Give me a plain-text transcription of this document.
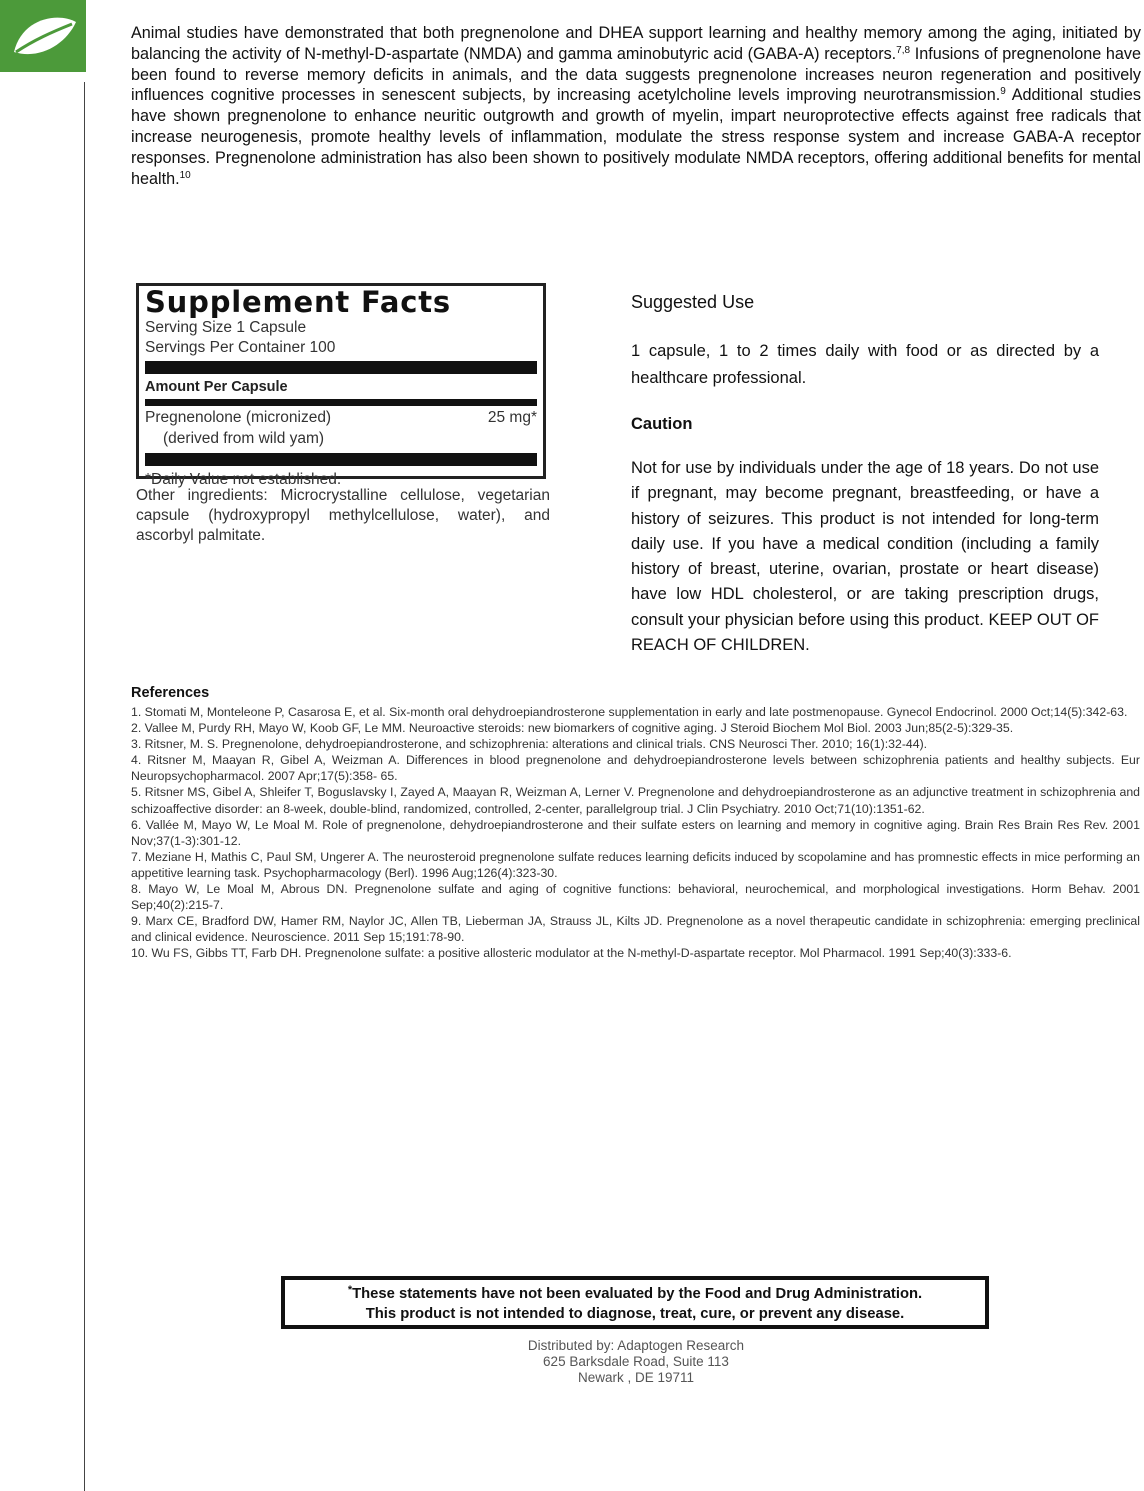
Animal studies have demonstrated that both pregnenolone and DHEA support learning and healthy memory among the aging, initiated by balancing the activity of N-methyl-D-aspartate (NMDA) and gamma aminobutyric acid (GABA-A) receptors.$^{7,8}$ Infusions of pregnenolone have been found to reverse memory deficits in animals, and the data suggests pregnenolone increases neuron regeneration and positively influences cognitive processes in senescent subjects, by increasing acetylcholine levels improving neurotransmission.$^9$ Additional studies have shown pregnenolone to enhance neuritic outgrowth and growth of myelin, impart neuroprotective effects against free radicals that increase neurogenesis, promote healthy levels of inflammation, modulate the stress response system and increase GABA-A receptor responses. Pregnenolone administration has also been shown to positively modulate NMDA receptors, offering additional benefits for mental health.$^{10}$

Supplement Facts
Serving Size 1 Capsule
Servings Per Container 100
Amount Per Capsule
Pregnenolone (micronized)	25 mg*
(derived from wild yam)
*Daily Value not established.

Other ingredients: Microcrystalline cellulose, vegetarian capsule (hydroxypropyl methylcellulose, water), and ascorbyl palmitate.

Suggested Use

1 capsule, 1 to 2 times daily with food or as directed by a healthcare professional.

Caution

Not for use by individuals under the age of 18 years. Do not use if pregnant, may become pregnant, breastfeeding, or have a history of seizures. This product is not intended for long-term daily use. If you have a medical condition (including a family history of breast, uterine, ovarian, prostate or heart disease) have low HDL cholesterol, or are taking prescription drugs, consult your physician before using this product. KEEP OUT OF REACH OF CHILDREN.

References
1. Stomati M, Monteleone P, Casarosa E, et al. Six-month oral dehydroepiandrosterone supplementation in early and late postmenopause. Gynecol Endocrinol. 2000 Oct;14(5):342-63.
2. Vallee M, Purdy RH, Mayo W, Koob GF, Le MM. Neuroactive steroids: new biomarkers of cognitive aging. J Steroid Biochem Mol Biol. 2003 Jun;85(2-5):329-35.
3. Ritsner, M. S. Pregnenolone, dehydroepiandrosterone, and schizophrenia: alterations and clinical trials. CNS Neurosci Ther. 2010; 16(1):32-44).
4. Ritsner M, Maayan R, Gibel A, Weizman A. Differences in blood pregnenolone and dehydroepiandrosterone levels between schizophrenia patients and healthy subjects. Eur Neuropsychopharmacol. 2007 Apr;17(5):358- 65.
5. Ritsner MS, Gibel A, Shleifer T, Boguslavsky I, Zayed A, Maayan R, Weizman A, Lerner V. Pregnenolone and dehydroepiandrosterone as an adjunctive treatment in schizophrenia and schizoaffective disorder: an 8-week, double-blind, randomized, controlled, 2-center, parallelgroup trial. J Clin Psychiatry. 2010 Oct;71(10):1351-62.
6. Vallée M, Mayo W, Le Moal M. Role of pregnenolone, dehydroepiandrosterone and their sulfate esters on learning and memory in cognitive aging. Brain Res Brain Res Rev. 2001 Nov;37(1-3):301-12.
7. Meziane H, Mathis C, Paul SM, Ungerer A. The neurosteroid pregnenolone sulfate reduces learning deficits induced by scopolamine and has promnestic effects in mice performing an appetitive learning task. Psychopharmacology (Berl). 1996 Aug;126(4):323-30.
8. Mayo W, Le Moal M, Abrous DN. Pregnenolone sulfate and aging of cognitive functions: behavioral, neurochemical, and morphological investigations. Horm Behav. 2001 Sep;40(2):215-7.
9. Marx CE, Bradford DW, Hamer RM, Naylor JC, Allen TB, Lieberman JA, Strauss JL, Kilts JD. Pregnenolone as a novel therapeutic candidate in schizophrenia: emerging preclinical and clinical evidence. Neuroscience. 2011 Sep 15;191:78-90.
10. Wu FS, Gibbs TT, Farb DH. Pregnenolone sulfate: a positive allosteric modulator at the N-methyl-D-aspartate receptor. Mol Pharmacol. 1991 Sep;40(3):333-6.
*These statements have not been evaluated by the Food and Drug Administration.
This product is not intended to diagnose, treat, cure, or prevent any disease.

Distributed by: Adaptogen Research
625 Barksdale Road, Suite 113
Newark , DE 19711
